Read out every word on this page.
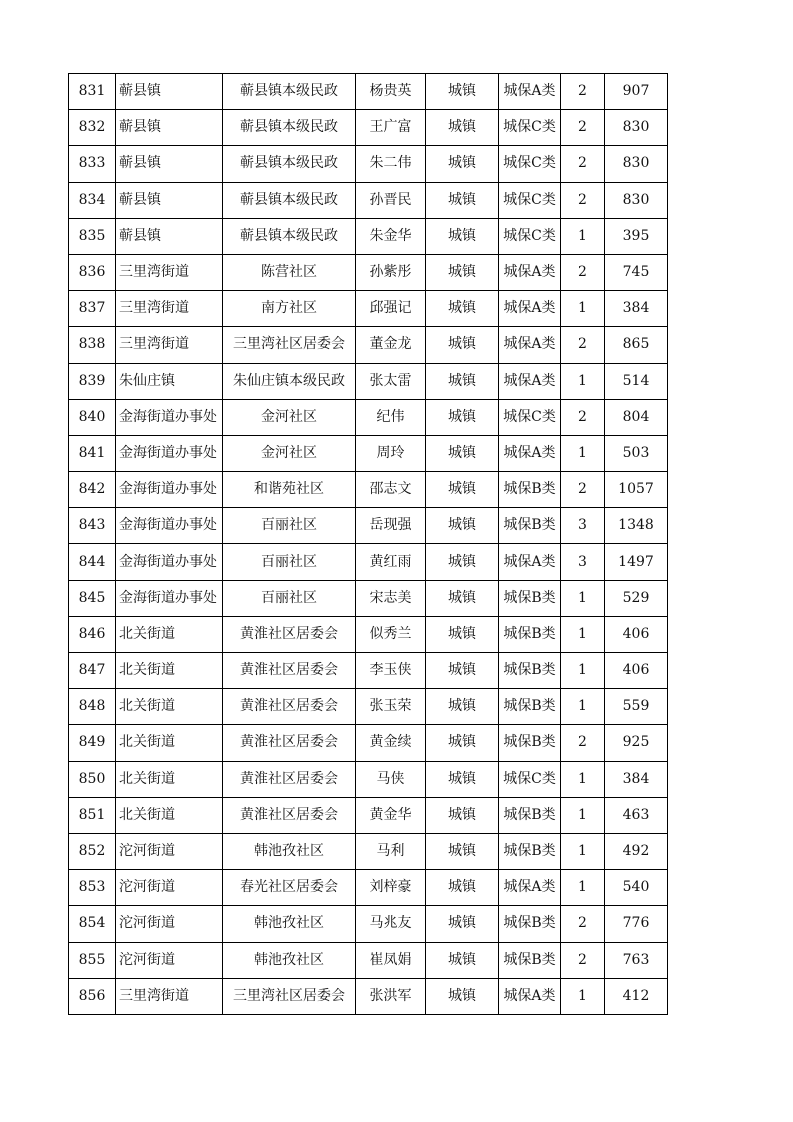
831	蕲县镇	蕲县镇本级民政	杨贵英	城镇	城保A类	2	907
832	蕲县镇	蕲县镇本级民政	王广富	城镇	城保C类	2	830
833	蕲县镇	蕲县镇本级民政	朱二伟	城镇	城保C类	2	830
834	蕲县镇	蕲县镇本级民政	孙晋民	城镇	城保C类	2	830
835	蕲县镇	蕲县镇本级民政	朱金华	城镇	城保C类	1	395
836	三里湾街道	陈营社区	孙紫彤	城镇	城保A类	2	745
837	三里湾街道	南方社区	邱强记	城镇	城保A类	1	384
838	三里湾街道	三里湾社区居委会	董金龙	城镇	城保A类	2	865
839	朱仙庄镇	朱仙庄镇本级民政	张太雷	城镇	城保A类	1	514
840	金海街道办事处	金河社区	纪伟	城镇	城保C类	2	804
841	金海街道办事处	金河社区	周玲	城镇	城保A类	1	503
842	金海街道办事处	和谐苑社区	邵志文	城镇	城保B类	2	1057
843	金海街道办事处	百丽社区	岳现强	城镇	城保B类	3	1348
844	金海街道办事处	百丽社区	黄红雨	城镇	城保A类	3	1497
845	金海街道办事处	百丽社区	宋志美	城镇	城保B类	1	529
846	北关街道	黄淮社区居委会	似秀兰	城镇	城保B类	1	406
847	北关街道	黄淮社区居委会	李玉侠	城镇	城保B类	1	406
848	北关街道	黄淮社区居委会	张玉荣	城镇	城保B类	1	559
849	北关街道	黄淮社区居委会	黄金续	城镇	城保B类	2	925
850	北关街道	黄淮社区居委会	马侠	城镇	城保C类	1	384
851	北关街道	黄淮社区居委会	黄金华	城镇	城保B类	1	463
852	沱河街道	韩池孜社区	马利	城镇	城保B类	1	492
853	沱河街道	春光社区居委会	刘梓豪	城镇	城保A类	1	540
854	沱河街道	韩池孜社区	马兆友	城镇	城保B类	2	776
855	沱河街道	韩池孜社区	崔凤娟	城镇	城保B类	2	763
856	三里湾街道	三里湾社区居委会	张洪军	城镇	城保A类	1	412
